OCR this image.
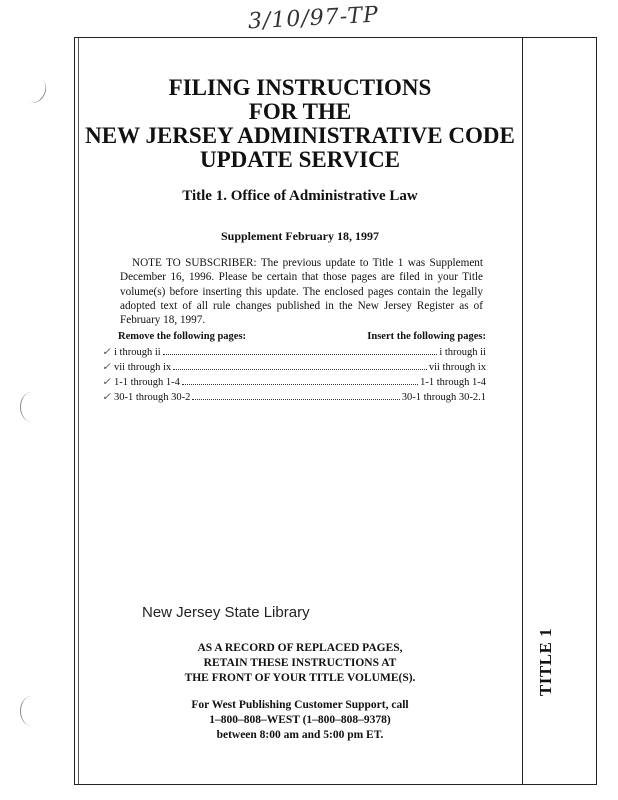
3/10/97-TP
FILING INSTRUCTIONS
FOR THE
NEW JERSEY ADMINISTRATIVE CODE
UPDATE SERVICE
Title 1. Office of Administrative Law
Supplement February 18, 1997
NOTE TO SUBSCRIBER: The previous update to Title 1 was Supplement December 16, 1996. Please be certain that those pages are filed in your Title volume(s) before inserting this update. The enclosed pages contain the legally adopted text of all rule changes published in the New Jersey Register as of February 18, 1997.
Remove the following pages:	Insert the following pages:
✓ i through ii	i through ii
✓ vii through ix	vii through ix
✓ 1-1 through 1-4	1-1 through 1-4
✓ 30-1 through 30-2	30-1 through 30-2.1
New Jersey State Library
AS A RECORD OF REPLACED PAGES,
RETAIN THESE INSTRUCTIONS AT
THE FRONT OF YOUR TITLE VOLUME(S).
For West Publishing Customer Support, call
1–800–808–WEST (1–800–808–9378)
between 8:00 am and 5:00 pm ET.
TITLE 1
